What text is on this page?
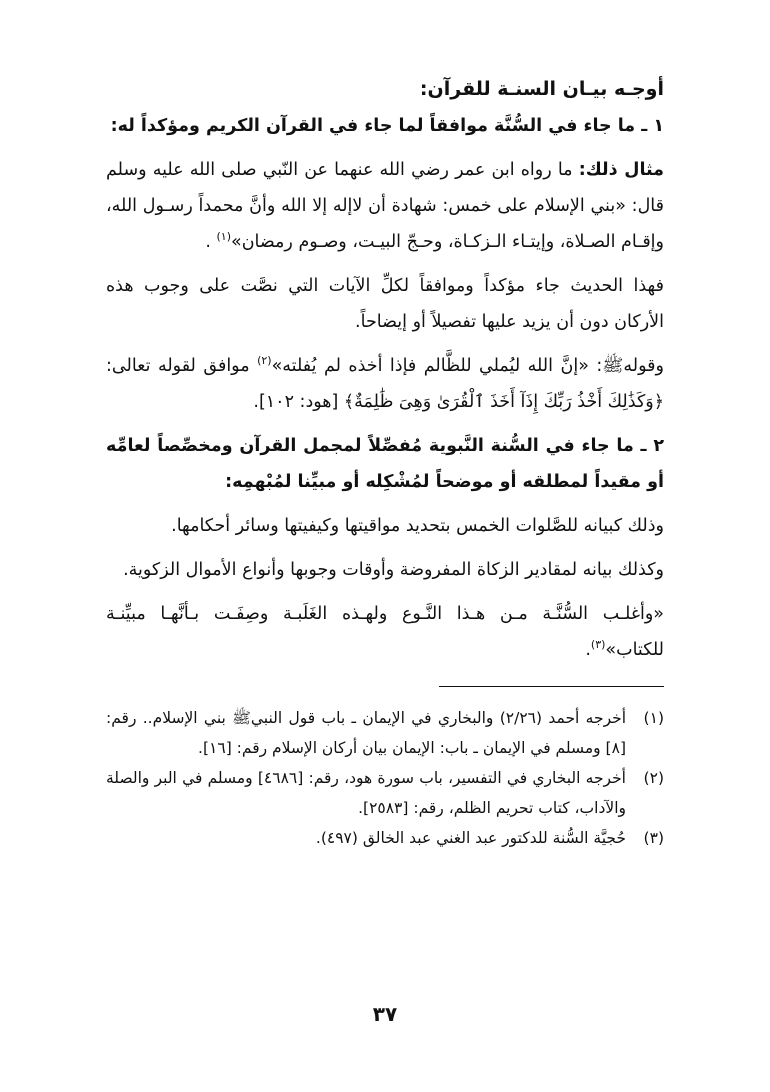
أوجـه بيـان السنـة للقرآن:
١ ـ ما جاء في السُّنَّة موافقاً لما جاء في القرآن الكريم ومؤكداً له:
مثال ذلك: ما رواه ابن عمر رضي الله عنهما عن النّبي صلى الله عليه وسلم قال: «بني الإسلام على خمس: شهادة أن لاإله إلا الله وأنَّ محمداً رسـول الله، وإقـام الصـلاة، وإيتـاء الـزكـاة، وحـجّ البيـت، وصـوم رمضان»$^{(١)}$ .
فهذا الحديث جاء مؤكداً وموافقاً لكلِّ الآيات التي نصَّت على وجوب هذه الأركان دون أن يزيد عليها تفصيلاً أو إيضاحاً.
وقولهﷺ: «إنَّ الله ليُملي للظَّالم فإذا أخذه لم يُفلته»$^{(٢)}$ موافق لقوله تعالى: ﴿وَكَذَٰلِكَ أَخْذُ رَبِّكَ إِذَآ أَخَذَ ٱلْقُرَىٰ وَهِىَ ظَٰلِمَةٌ﴾ [هود: ١٠٢].
٢ ـ ما جاء في السُّنة النَّبوية مُفصِّلاً لمجمل القرآن ومخصِّصاً لعامِّه أو مقيداً لمطلقه أو موضحاً لمُشْكِله أو مبيِّنا لمُبْهمِه:
وذلك كبيانه للصَّلوات الخمس بتحديد مواقيتها وكيفيتها وسائر أحكامها.
وكذلك بيانه لمقادير الزكاة المفروضة وأوقات وجوبها وأنواع الأموال الزكوية.
«وأغلـب السُّنَّـة مـن هـذا النَّـوع ولهـذه الغَلَبـة وصِفَـت بـأنَّهـا مبيِّنـة للكتاب»$^{(٣)}$.
(١)
أخرجه أحمد (٢/٢٦) والبخاري في الإيمان ـ باب قول النبيﷺ بني الإسلام.. رقم: [٨] ومسلم في الإيمان ـ باب: الإيمان بيان أركان الإسلام رقم: [١٦].
(٢)
أخرجه البخاري في التفسير، باب سورة هود، رقم: [٤٦٨٦] ومسلم في البر والصلة والآداب، كتاب تحريم الظلم، رقم: [٢٥٨٣].
(٣)
حُجيَّة السُّنة للدكتور عبد الغني عبد الخالق (٤٩٧).
٣٧
